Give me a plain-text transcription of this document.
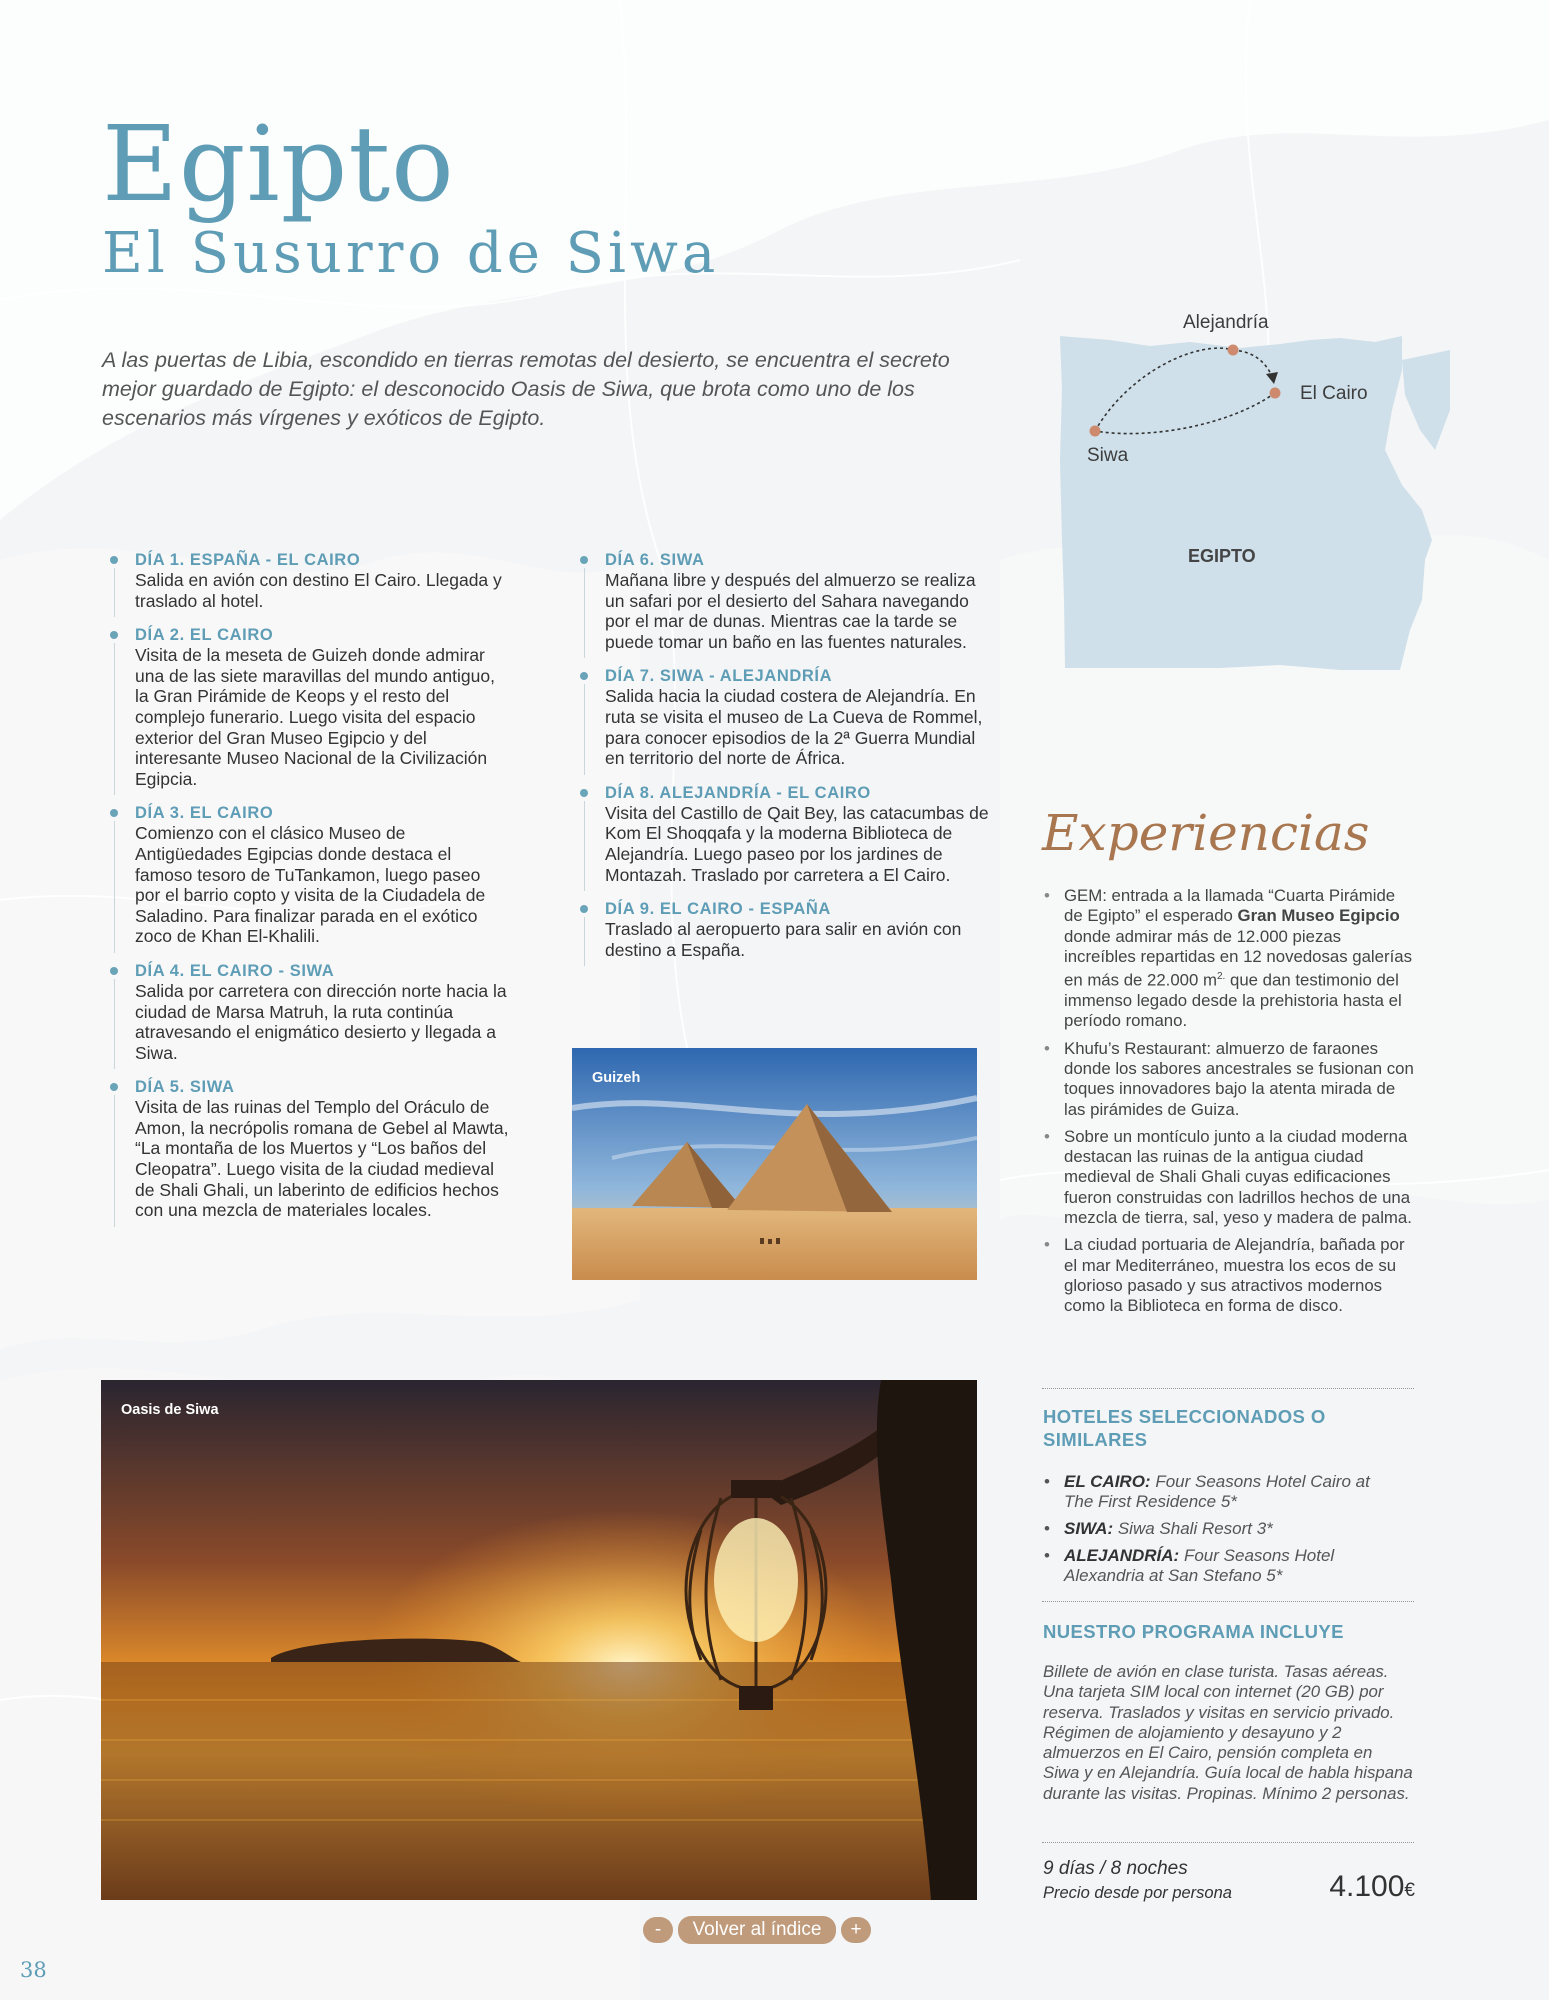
Egipto
El Susurro de Siwa

A las puertas de Libia, escondido en tierras remotas del desierto, se encuentra el secreto mejor guardado de Egipto: el desconocido Oasis de Siwa, que brota como uno de los escenarios más vírgenes y exóticos de Egipto.

Alejandría
El Cairo
Siwa
EGIPTO
DÍA 1. ESPAÑA - EL CAIRO
Salida en avión con destino El Cairo. Llegada y traslado al hotel.
DÍA 2. EL CAIRO
Visita de la meseta de Guizeh donde admirar una de las siete maravillas del mundo antiguo, la Gran Pirámide de Keops y el resto del complejo funerario. Luego visita del espacio exterior del Gran Museo Egipcio y del interesante Museo Nacional de la Civilización Egipcia.
DÍA 3. EL CAIRO
Comienzo con el clásico Museo de Antigüedades Egipcias donde destaca el famoso tesoro de TuTankamon, luego paseo por el barrio copto y visita de la Ciudadela de Saladino. Para finalizar parada en el exótico zoco de Khan El-Khalili.
DÍA 4. EL CAIRO - SIWA
Salida por carretera con dirección norte hacia la ciudad de Marsa Matruh, la ruta continúa atravesando el enigmático desierto y llegada a Siwa.
DÍA 5. SIWA
Visita de las ruinas del Templo del Oráculo de Amon, la necrópolis romana de Gebel al Mawta, “La montaña de los Muertos y “Los baños del Cleopatra”. Luego visita de la ciudad medieval de Shali Ghali, un laberinto de edificios hechos con una mezcla de materiales locales.
DÍA 6. SIWA
Mañana libre y después del almuerzo se realiza un safari por el desierto del Sahara navegando por el mar de dunas. Mientras cae la tarde se puede tomar un baño en las fuentes naturales.
DÍA 7. SIWA - ALEJANDRÍA
Salida hacia la ciudad costera de Alejandría. En ruta se visita el museo de La Cueva de Rommel, para conocer episodios de la 2ª Guerra Mundial en territorio del norte de África.
DÍA 8. ALEJANDRÍA - EL CAIRO
Visita del Castillo de Qait Bey, las catacumbas de Kom El Shoqqafa y la moderna Biblioteca de Alejandría. Luego paseo por los jardines de Montazah. Traslado por carretera a El Cairo.
DÍA 9. EL CAIRO - ESPAÑA
Traslado al aeropuerto para salir en avión con destino a España.
Guizeh
Oasis de Siwa
Experiencias
• GEM: entrada a la llamada “Cuarta Pirámide de Egipto” el esperado Gran Museo Egipcio donde admirar más de 12.000 piezas increíbles repartidas en 12 novedosas galerías en más de 22.000 $m^{2.}$ que dan testimonio del immenso legado desde la prehistoria hasta el período romano.
• Khufu’s Restaurant: almuerzo de faraones donde los sabores ancestrales se fusionan con toques innovadores bajo la atenta mirada de las pirámides de Guiza.
• Sobre un montículo junto a la ciudad moderna destacan las ruinas de la antigua ciudad medieval de Shali Ghali cuyas edificaciones fueron construidas con ladrillos hechos de una mezcla de tierra, sal, yeso y madera de palma.
• La ciudad portuaria de Alejandría, bañada por el mar Mediterráneo, muestra los ecos de su glorioso pasado y sus atractivos modernos como la Biblioteca en forma de disco.
HOTELES SELECCIONADOS O SIMILARES
• EL CAIRO: Four Seasons Hotel Cairo at The First Residence 5*
• SIWA: Siwa Shali Resort 3*
• ALEJANDRÍA: Four Seasons Hotel Alexandria at San Stefano 5*
NUESTRO PROGRAMA INCLUYE

Billete de avión en clase turista. Tasas aéreas. Una tarjeta SIM local con internet (20 GB) por reserva. Traslados y visitas en servicio privado. Régimen de alojamiento y desayuno y 2 almuerzos en El Cairo, pensión completa en Siwa y en Alejandría. Guía local de habla hispana durante las visitas. Propinas. Mínimo 2 personas.

9 días / 8 noches
Precio desde por persona	4.100€
-	Volver al índice	+
38
